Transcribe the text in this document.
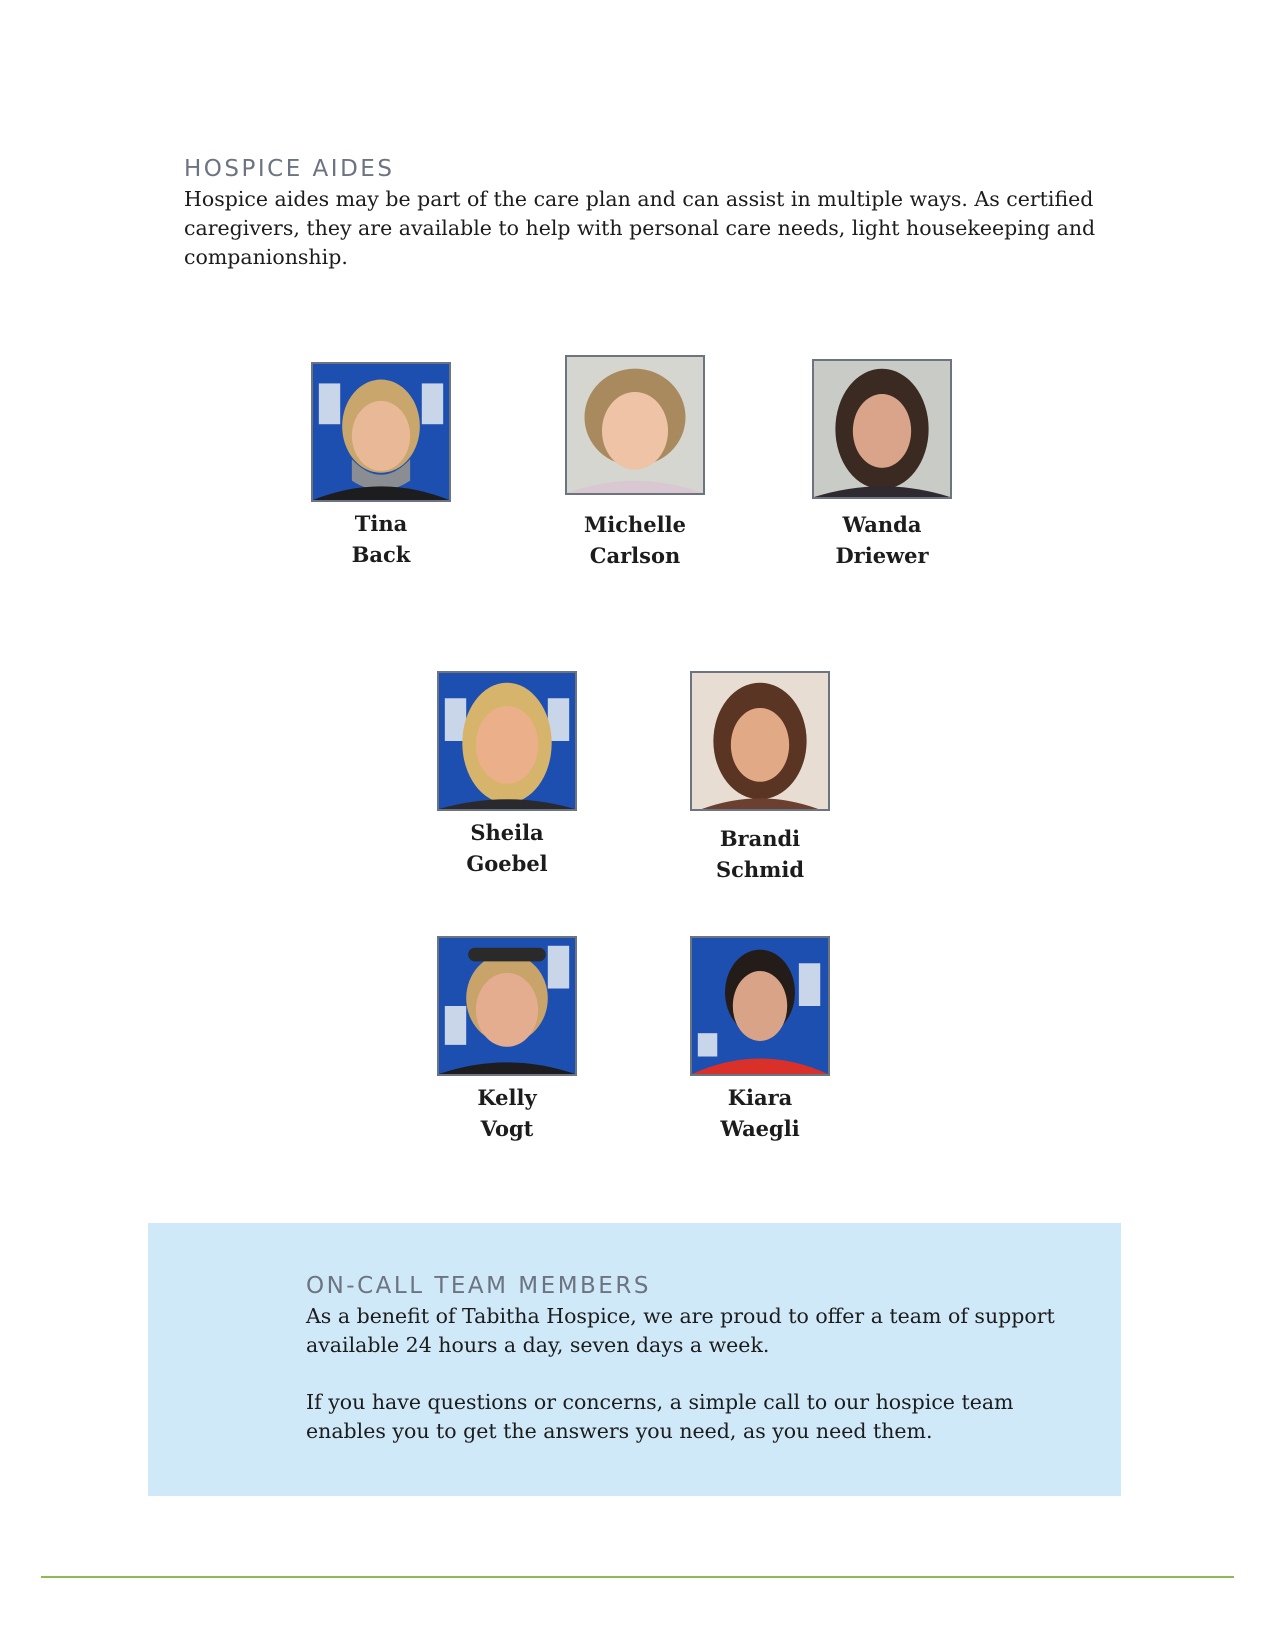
HOSPICE AIDES

Hospice aides may be part of the care plan and can assist in multiple ways. As certified caregivers, they are available to help with personal care needs, light housekeeping and companionship.

Tina
Back
Michelle
Carlson
Wanda
Driewer
Sheila
Goebel
Brandi
Schmid
Kelly
Vogt
Kiara
Waegli
ON-CALL TEAM MEMBERS

As a benefit of Tabitha Hospice, we are proud to offer a team of support available 24 hours a day, seven days a week.

If you have questions or concerns, a simple call to our hospice team enables you to get the answers you need, as you need them.
